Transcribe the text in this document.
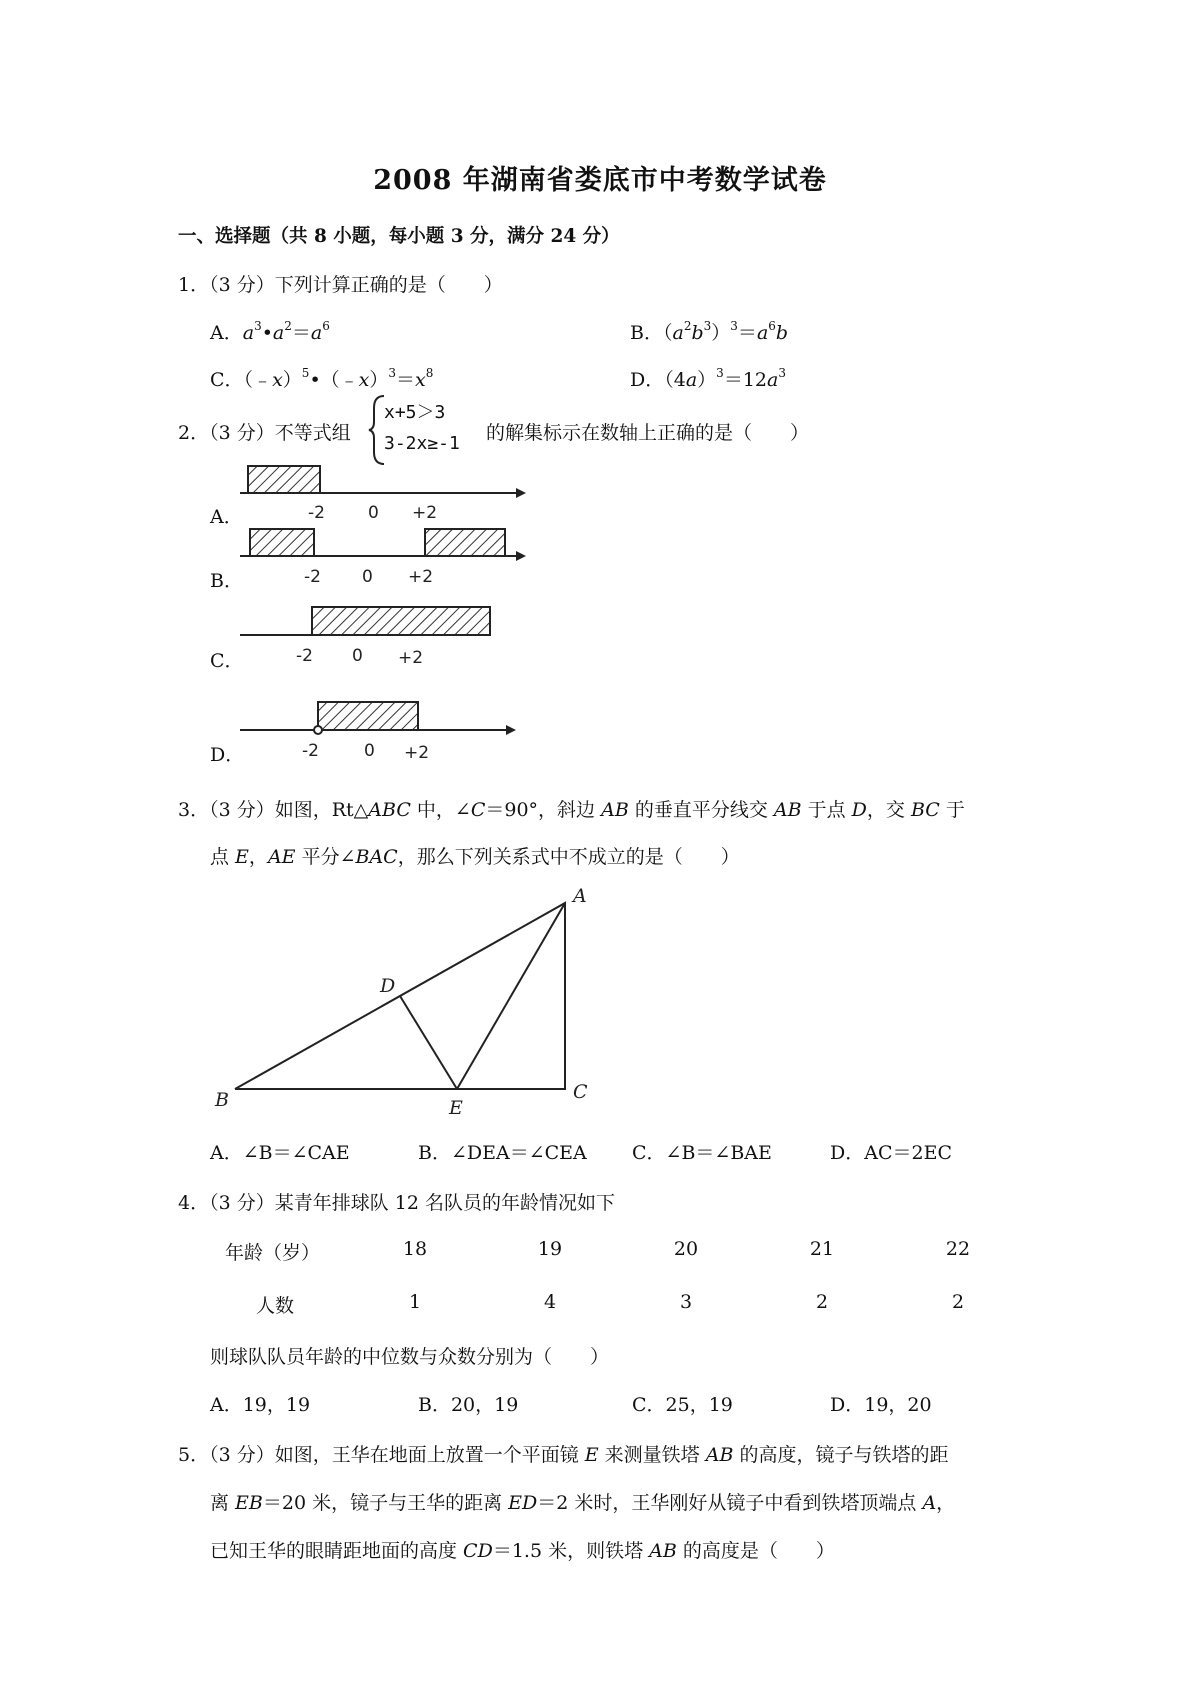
2008 年湖南省娄底市中考数学试卷
一、选择题（共 8 小题，每小题 3 分，满分 24 分）
1．（3 分）下列计算正确的是（　　）
A．$a^3•a^2=a^6$	B．$(a^2b^3)^3=a^6b$
C．$(﹣x)^5•(﹣x)^3=x^8$	D．$(4a)^3=12a^3$
2．（3 分）不等式组
x+5＞3
3-2x≥-1 的解集标示在数轴上正确的是（　　）
A．	-2	0 +2
B．	-2 0 +2
C．	-2 0 +2
D．	-2	0 +2
3．（3 分）如图，Rt△ABC 中，∠C＝90°，斜边 AB 的垂直平分线交 AB 于点 D，交 BC 于
点 E，AE 平分∠BAC，那么下列关系式中不成立的是（　　）
A
B	C
D
E
A．∠B＝∠CAE	B．∠DEA＝∠CEA C．∠B＝∠BAE	D．AC＝2EC
4．（3 分）某青年排球队 12 名队员的年龄情况如下
年龄（岁）	18	19	20	21	22
人数	1	4	3	2	2
则球队队员年龄的中位数与众数分别为（　　）
A．19，19	B．20，19	C．25，19	D．19，20
5．（3 分）如图，王华在地面上放置一个平面镜 E 来测量铁塔 AB 的高度，镜子与铁塔的距
离 EB＝20 米，镜子与王华的距离 ED＝2 米时，王华刚好从镜子中看到铁塔顶端点 A，
已知王华的眼睛距地面的高度 CD＝1.5 米，则铁塔 AB 的高度是（　　）
